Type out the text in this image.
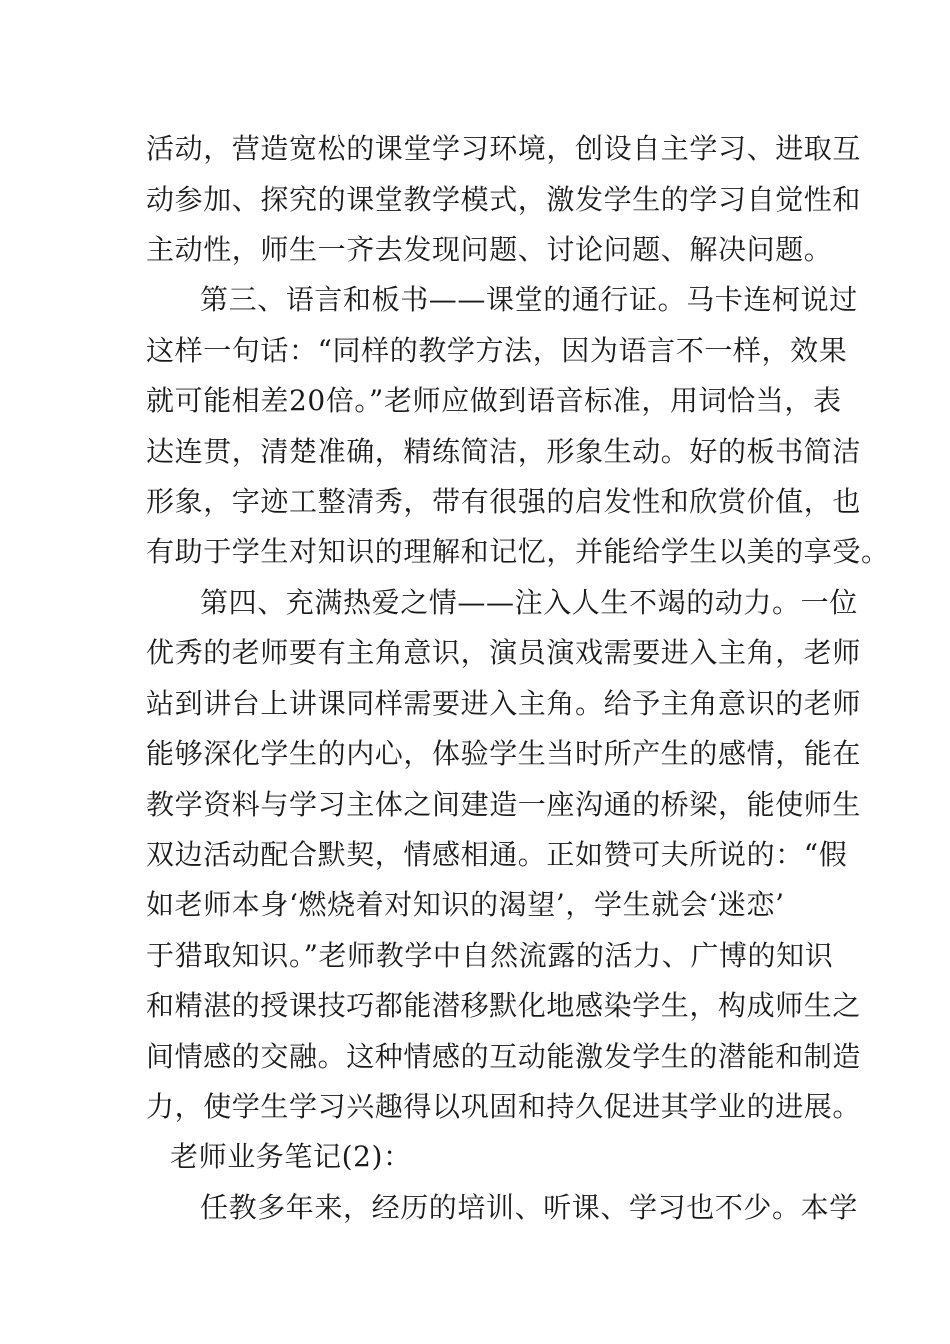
活动，营造宽松的课堂学习环境，创设自主学习、进取互
动参加、探究的课堂教学模式，激发学生的学习自觉性和
主动性，师生一齐去发现问题、讨论问题、解决问题。
第三、语言和板书——课堂的通行证。马卡连柯说过
这样一句话：“同样的教学方法，因为语言不一样，效果
就可能相差20倍。”老师应做到语音标准，用词恰当，表
达连贯，清楚准确，精练简洁，形象生动。好的板书简洁
形象，字迹工整清秀，带有很强的启发性和欣赏价值，也
有助于学生对知识的理解和记忆，并能给学生以美的享受。
第四、充满热爱之情——注入人生不竭的动力。一位
优秀的老师要有主角意识，演员演戏需要进入主角，老师
站到讲台上讲课同样需要进入主角。给予主角意识的老师
能够深化学生的内心，体验学生当时所产生的感情，能在
教学资料与学习主体之间建造一座沟通的桥梁，能使师生
双边活动配合默契，情感相通。正如赞可夫所说的：“假
如老师本身‘燃烧着对知识的渴望’，学生就会‘迷恋’
于猎取知识。”老师教学中自然流露的活力、广博的知识
和精湛的授课技巧都能潜移默化地感染学生，构成师生之
间情感的交融。这种情感的互动能激发学生的潜能和制造
力，使学生学习兴趣得以巩固和持久促进其学业的进展。
老师业务笔记(2)：
任教多年来，经历的培训、听课、学习也不少。本学
